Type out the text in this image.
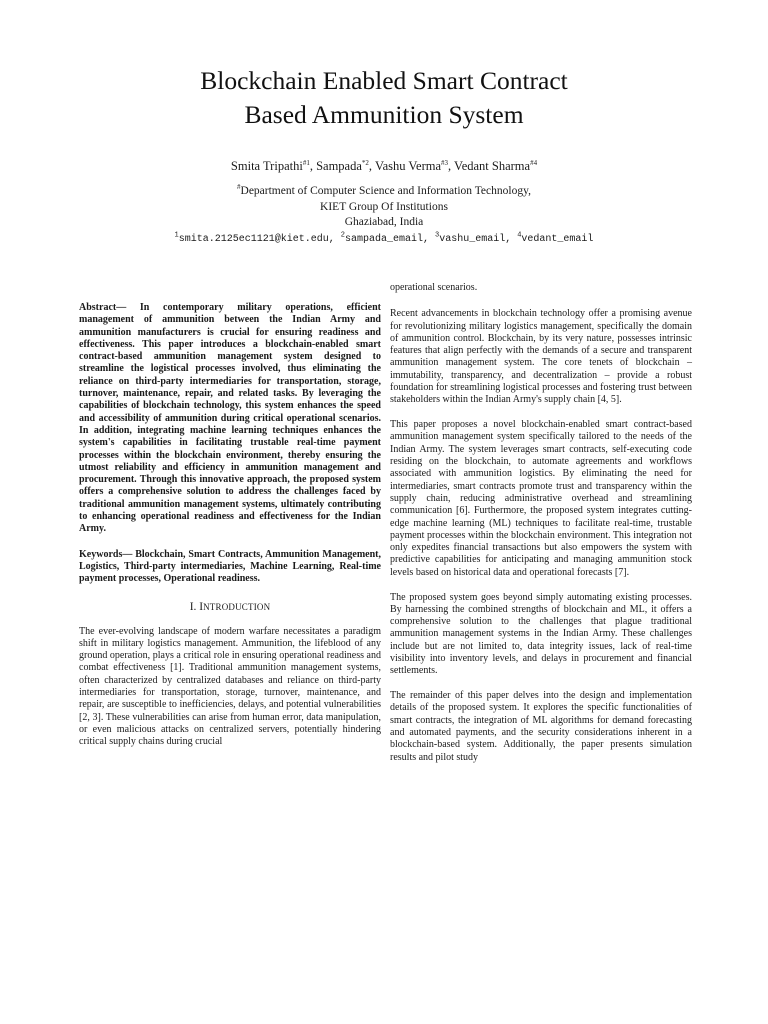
Blockchain Enabled Smart Contract
Based Ammunition System
Smita Tripathi$^{\#1}$, Sampada$^{*2}$, Vashu Verma$^{\#3}$, Vedant Sharma$^{\#4}$
#Department of Computer Science and Information Technology,
KIET Group Of Institutions
Ghaziabad, India
$^1$smita.2125ec1121@kiet.edu, $^2$sampada_email, $^3$vashu_email, $^4$vedant_email

Abstract— In contemporary military operations, efficient management of ammunition between the Indian Army and ammunition manufacturers is crucial for ensuring readiness and effectiveness. This paper introduces a blockchain-enabled smart contract-based ammunition management system designed to streamline the logistical processes involved, thus eliminating the reliance on third-party intermediaries for transportation, storage, turnover, maintenance, repair, and related tasks. By leveraging the capabilities of blockchain technology, this system enhances the speed and accessibility of ammunition during critical operational scenarios. In addition, integrating machine learning techniques enhances the system's capabilities in facilitating trustable real-time payment processes within the blockchain environment, thereby ensuring the utmost reliability and efficiency in ammunition management and procurement. Through this innovative approach, the proposed system offers a comprehensive solution to address the challenges faced by traditional ammunition management systems, ultimately contributing to enhancing operational readiness and effectiveness for the Indian Army.

Keywords— Blockchain, Smart Contracts, Ammunition Management, Logistics, Third-party intermediaries, Machine Learning, Real-time payment processes, Operational readiness.

I. INTRODUCTION

The ever-evolving landscape of modern warfare necessitates a paradigm shift in military logistics management. Ammunition, the lifeblood of any ground operation, plays a critical role in ensuring operational readiness and combat effectiveness [1]. Traditional ammunition management systems, often characterized by centralized databases and reliance on third-party intermediaries for transportation, storage, turnover, maintenance, and repair, are susceptible to inefficiencies, delays, and potential vulnerabilities [2, 3]. These vulnerabilities can arise from human error, data manipulation, or even malicious attacks on centralized servers, potentially hindering critical supply chains during crucial

operational scenarios.

Recent advancements in blockchain technology offer a promising avenue for revolutionizing military logistics management, specifically the domain of ammunition control. Blockchain, by its very nature, possesses intrinsic features that align perfectly with the demands of a secure and transparent ammunition management system. The core tenets of blockchain – immutability, transparency, and decentralization – provide a robust foundation for streamlining logistical processes and fostering trust between stakeholders within the Indian Army's supply chain [4, 5].

This paper proposes a novel blockchain-enabled smart contract-based ammunition management system specifically tailored to the needs of the Indian Army. The system leverages smart contracts, self-executing code residing on the blockchain, to automate agreements and workflows associated with ammunition logistics. By eliminating the need for intermediaries, smart contracts promote trust and transparency within the supply chain, reducing administrative overhead and streamlining communication [6]. Furthermore, the proposed system integrates cutting-edge machine learning (ML) techniques to facilitate real-time, trustable payment processes within the blockchain environment. This integration not only expedites financial transactions but also empowers the system with predictive capabilities for anticipating and managing ammunition stock levels based on historical data and operational forecasts [7].

The proposed system goes beyond simply automating existing processes. By harnessing the combined strengths of blockchain and ML, it offers a comprehensive solution to the challenges that plague traditional ammunition management systems in the Indian Army. These challenges include but are not limited to, data integrity issues, lack of real-time visibility into inventory levels, and delays in procurement and financial settlements.

The remainder of this paper delves into the design and implementation details of the proposed system. It explores the specific functionalities of smart contracts, the integration of ML algorithms for demand forecasting and automated payments, and the security considerations inherent in a blockchain-based system. Additionally, the paper presents simulation results and pilot study
